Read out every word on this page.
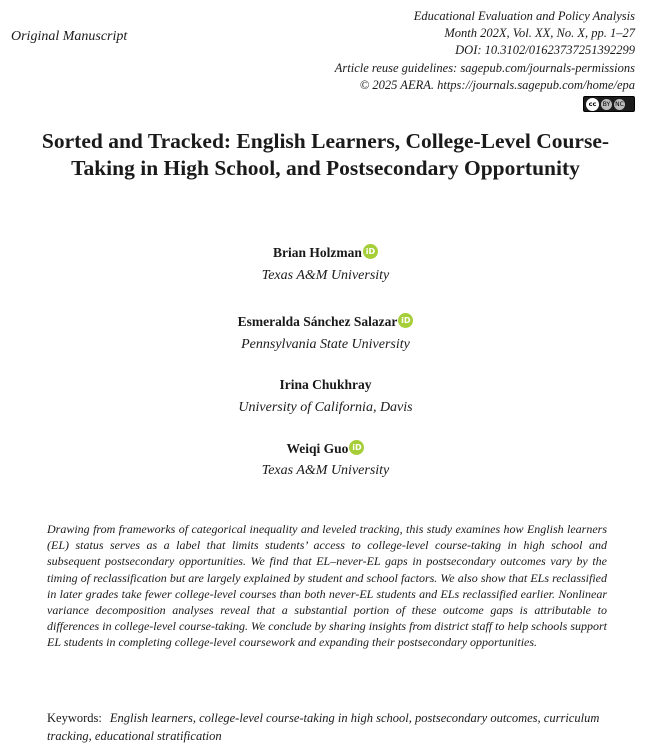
Original Manuscript
Educational Evaluation and Policy Analysis
Month 202X, Vol. XX, No. X, pp. 1–27
DOI: 10.3102/01623737251392299
Article reuse guidelines: sagepub.com/journals-permissions
© 2025 AERA. https://journals.sagepub.com/home/epa
cc	BY NC
Sorted and Tracked: English Learners, College-Level Course-Taking in High School, and Postsecondary Opportunity
Brian Holzman iD
Texas A&M University
Esmeralda Sánchez Salazar iD
Pennsylvania State University
Irina Chukhray
University of California, Davis
Weiqi Guo iD
Texas A&M University
Drawing from frameworks of categorical inequality and leveled tracking, this study examines how English learners (EL) status serves as a label that limits students’ access to college-level course-taking in high school and subsequent postsecondary opportunities. We find that EL–never-EL gaps in postsecondary outcomes vary by the timing of reclassification but are largely explained by student and school factors. We also show that ELs reclassified in later grades take fewer college-level courses than both never-EL students and ELs reclassified earlier. Nonlinear variance decomposition analyses reveal that a substantial portion of these outcome gaps is attributable to differences in college-level course-taking. We conclude by sharing insights from district staff to help schools support EL students in completing college-level coursework and expanding their postsecondary opportunities.
Keywords: English learners, college-level course-taking in high school, postsecondary outcomes, curriculum tracking, educational stratification
